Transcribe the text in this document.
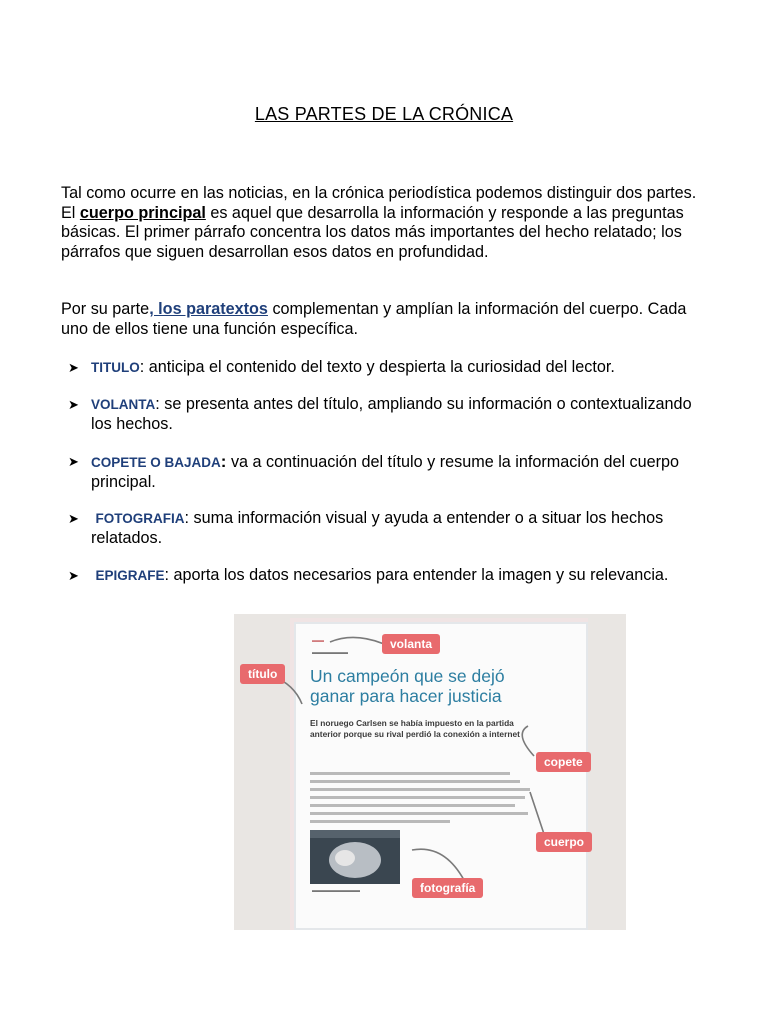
LAS PARTES DE LA CRÓNICA
Tal como ocurre en las noticias, en la crónica periodística podemos distinguir dos partes. El cuerpo principal es aquel que desarrolla la información y responde a las preguntas básicas. El primer párrafo concentra los datos más importantes del hecho relatado; los párrafos que siguen desarrollan esos datos en profundidad.
Por su parte, los paratextos complementan y amplían la información del cuerpo. Cada uno de ellos tiene una función específica.
➤ TITULO: anticipa el contenido del texto y despierta la curiosidad del lector.
➤ VOLANTA: se presenta antes del título, ampliando su información o contextualizando los hechos.
➤ COPETE O BAJADA: va a continuación del título y resume la información del cuerpo principal.
➤	FOTOGRAFIA: suma información visual y ayuda a entender o a situar los hechos relatados.
➤	EPIGRAFE: aporta los datos necesarios para entender la imagen y su relevancia.
▬▬
▬▬▬▬▬▬
Un campeón que se dejó ganar para hacer justicia
El noruego Carlsen se había impuesto en la partida anterior porque su rival perdió la conexión a internet
▬▬▬▬▬▬▬▬
volanta
título
copete
cuerpo
fotografía
